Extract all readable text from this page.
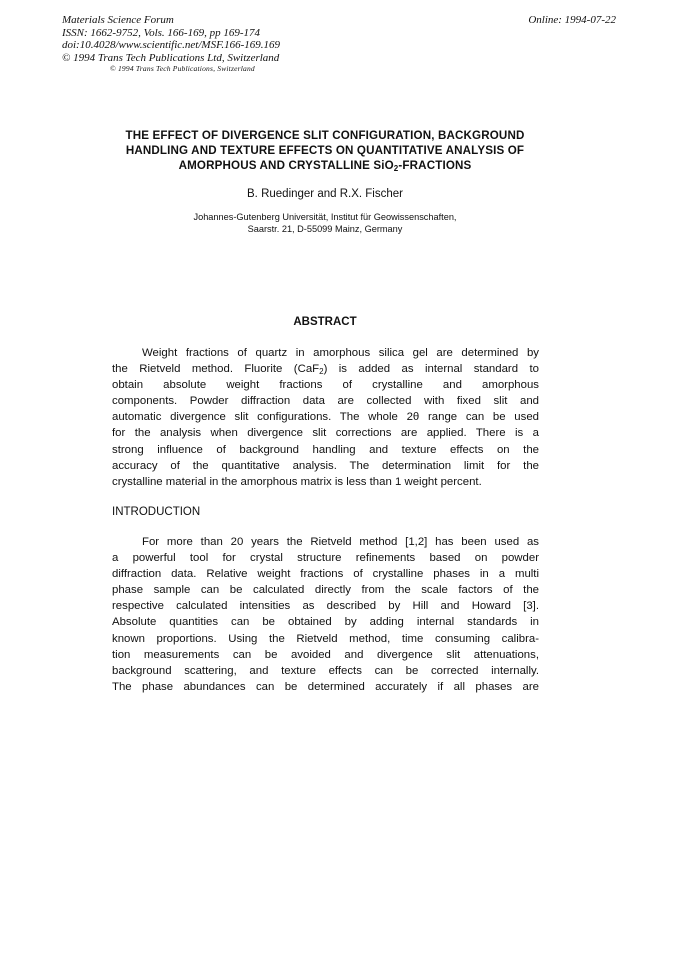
Materials Science Forum
ISSN: 1662-9752, Vols. 166-169, pp 169-174
doi:10.4028/www.scientific.net/MSF.166-169.169
© 1994 Trans Tech Publications Ltd, Switzerland
© 1994 Trans Tech Publications, Switzerland
Online: 1994-07-22
THE EFFECT OF DIVERGENCE SLIT CONFIGURATION, BACKGROUND
HANDLING AND TEXTURE EFFECTS ON QUANTITATIVE ANALYSIS OF
AMORPHOUS AND CRYSTALLINE SiO$_2$-FRACTIONS
B. Ruedinger and R.X. Fischer
Johannes-Gutenberg Universität, Institut für Geowissenschaften,
Saarstr. 21, D-55099 Mainz, Germany
ABSTRACT
Weight fractions of quartz in amorphous silica gel are determined by
the Rietveld method. Fluorite (CaF$_2$) is added as internal standard to
obtain absolute weight fractions of crystalline and amorphous
components. Powder diffraction data are collected with fixed slit and
automatic divergence slit configurations. The whole 2θ range can be used
for the analysis when divergence slit corrections are applied. There is a
strong influence of background handling and texture effects on the
accuracy of the quantitative analysis. The determination limit for the
crystalline material in the amorphous matrix is less than 1 weight percent.
INTRODUCTION
For more than 20 years the Rietveld method [1,2] has been used as
a powerful tool for crystal structure refinements based on powder
diffraction data. Relative weight fractions of crystalline phases in a multi
phase sample can be calculated directly from the scale factors of the
respective calculated intensities as described by Hill and Howard [3].
Absolute quantities can be obtained by adding internal standards in
known proportions. Using the Rietveld method, time consuming calibra-
tion measurements can be avoided and divergence slit attenuations,
background scattering, and texture effects can be corrected internally.
The phase abundances can be determined accurately if all phases are
